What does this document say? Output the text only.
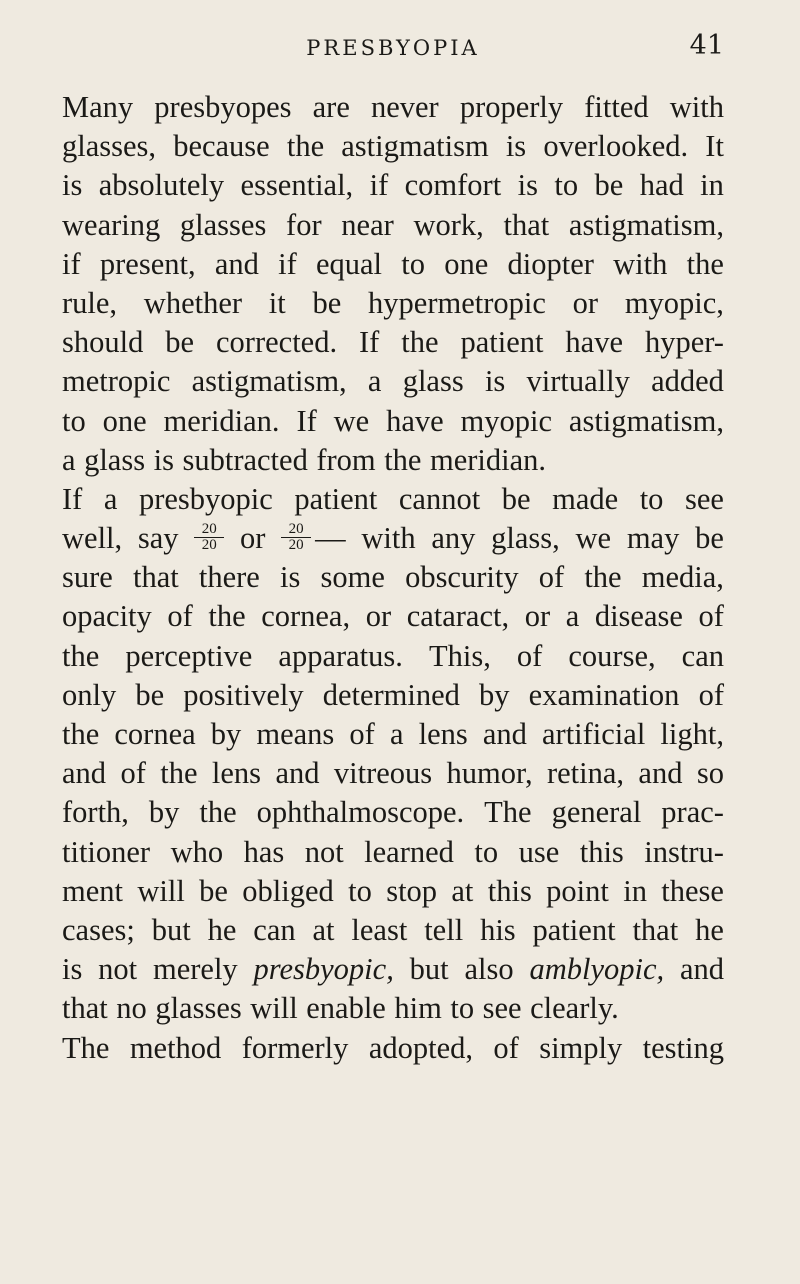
PRESBYOPIA	41
Many presbyopes are never properly fitted with
glasses, because the astigmatism is overlooked. It
is absolutely essential, if comfort is to be had in
wearing glasses for near work, that astigmatism,
if present, and if equal to one diopter with the
rule, whether it be hypermetropic or myopic,
should be corrected. If the patient have hyper-
metropic astigmatism, a glass is virtually added
to one meridian. If we have myopic astigmatism,
a glass is subtracted from the meridian.
If a presbyopic patient cannot be made to see
well, say $\frac{20}{20}$ or $\frac{20}{20}$ — with any glass, we may be
sure that there is some obscurity of the media,
opacity of the cornea, or cataract, or a disease of
the perceptive apparatus. This, of course, can
only be positively determined by examination of
the cornea by means of a lens and artificial light,
and of the lens and vitreous humor, retina, and so
forth, by the ophthalmoscope. The general prac-
titioner who has not learned to use this instru-
ment will be obliged to stop at this point in these
cases; but he can at least tell his patient that he
is not merely presbyopic, but also amblyopic, and
that no glasses will enable him to see clearly.
The method formerly adopted, of simply testing
